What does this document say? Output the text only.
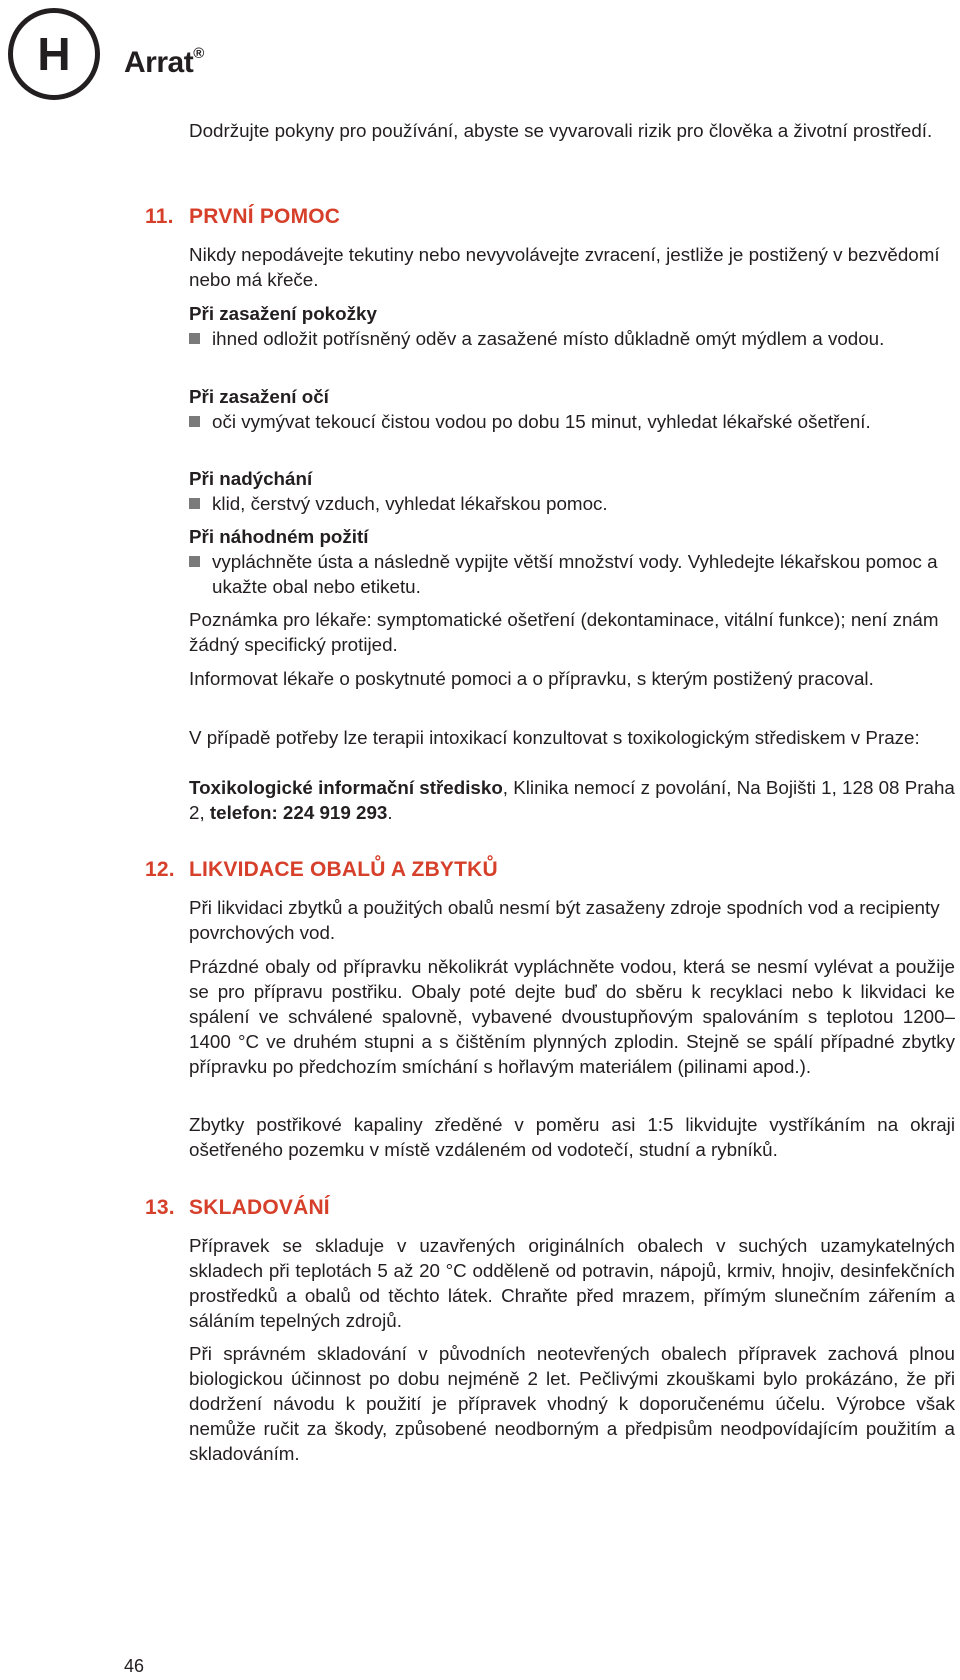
H Arrat®

Dodržujte pokyny pro používání, abyste se vyvarovali rizik pro člověka a životní prostředí.

11. PRVNÍ POMOC

Nikdy nepodávejte tekutiny nebo nevyvolávejte zvracení, jestliže je postižený v bezvědomí nebo má křeče.

Při zasažení pokožky
ihned odložit potřísněný oděv a zasažené místo důkladně omýt mýdlem a vodou.
Při zasažení očí
oči vymývat tekoucí čistou vodou po dobu 15 minut, vyhledat lékařské ošetření.
Při nadýchání
klid, čerstvý vzduch, vyhledat lékařskou pomoc.
Při náhodném požití
vypláchněte ústa a následně vypijte větší množství vody. Vyhledejte lékařskou pomoc a ukažte obal nebo etiketu.

Poznámka pro lékaře: symptomatické ošetření (dekontaminace, vitální funkce); není znám žádný specifický protijed.

Informovat lékaře o poskytnuté pomoci a o přípravku, s kterým postižený pracoval.

V případě potřeby lze terapii intoxikací konzultovat s toxikologickým střediskem v Praze:

Toxikologické informační středisko, Klinika nemocí z povolání, Na Bojišti 1, 128 08 Praha 2, telefon: 224 919 293.

12. LIKVIDACE OBALŮ A ZBYTKŮ

Při likvidaci zbytků a použitých obalů nesmí být zasaženy zdroje spodních vod a recipienty povrchových vod.

Prázdné obaly od přípravku několikrát vypláchněte vodou, která se nesmí vylévat a použije se pro přípravu postřiku. Obaly poté dejte buď do sběru k recyklaci nebo k likvidaci ke spálení ve schválené spalovně, vybavené dvoustupňovým spalováním s teplotou 1200–1400 °C ve druhém stupni a s čištěním plynných zplodin. Stejně se spálí případné zbytky přípravku po předchozím smíchání s hořlavým materiálem (pilinami apod.).

Zbytky postřikové kapaliny zředěné v poměru asi 1:5 likvidujte vystříkáním na okraji ošetřeného pozemku v místě vzdáleném od vodotečí, studní a rybníků.

13. SKLADOVÁNÍ

Přípravek se skladuje v uzavřených originálních obalech v suchých uzamykatelných skladech při teplotách 5 až 20 °C odděleně od potravin, nápojů, krmiv, hnojiv, desinfekčních prostředků a obalů od těchto látek. Chraňte před mrazem, přímým slunečním zářením a sáláním tepelných zdrojů.

Při správném skladování v původních neotevřených obalech přípravek zachová plnou biologickou účinnost po dobu nejméně 2 let. Pečlivými zkouškami bylo prokázáno, že při dodržení návodu k použití je přípravek vhodný k doporučenému účelu. Výrobce však nemůže ručit za škody, způsobené neodborným a předpisům neodpovídajícím použitím a skladováním.

46
